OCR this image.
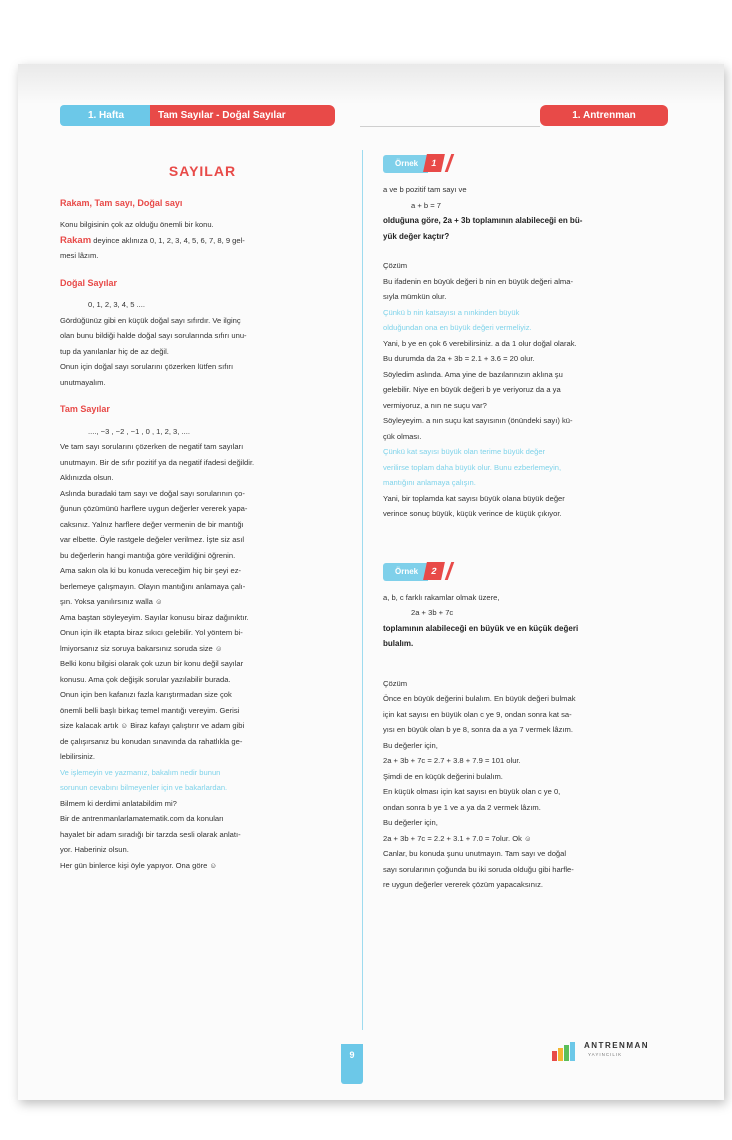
1. Hafta	Tam Sayılar - Doğal Sayılar	1. Antrenman
SAYILAR
Rakam, Tam sayı, Doğal sayı

Konu bilgisinin çok az olduğu önemli bir konu.

Rakam deyince aklınıza 0, 1, 2, 3, 4, 5, 6, 7, 8, 9 gel-

mesi lâzım.

Doğal Sayılar

0, 1, 2, 3, 4, 5 ....

Gördüğünüz gibi en küçük doğal sayı sıfırdır. Ve ilginç

olan bunu bildiği halde doğal sayı sorularında sıfırı unu-

tup da yanılanlar hiç de az değil.

Onun için doğal sayı sorularını çözerken lütfen sıfırı

unutmayalım.

Tam Sayılar

...., −3 , −2 , −1 , 0 , 1, 2, 3, ....

Ve tam sayı sorularını çözerken de negatif tam sayıları

unutmayın. Bir de sıfır pozitif ya da negatif ifadesi değildir.

Aklınızda olsun.

Aslında buradaki tam sayı ve doğal sayı sorularının ço-

ğunun çözümünü harflere uygun değerler vererek yapa-

caksınız. Yalnız harflere değer vermenin de bir mantığı

var elbette. Öyle rastgele değeler verilmez. İşte siz asıl

bu değerlerin hangi mantığa göre verildiğini öğrenin.

Ama sakın ola ki bu konuda vereceğim hiç bir şeyi ez-

berlemeye çalışmayın. Olayın mantığını anlamaya çalı-

şın. Yoksa yanılırsınız walla ☺

Ama baştan söyleyeyim. Sayılar konusu biraz dağınıktır.

Onun için ilk etapta biraz sıkıcı gelebilir. Yol yöntem bi-

lmiyorsanız siz soruya bakarsınız soruda size ☺

Belki konu bilgisi olarak çok uzun bir konu değil sayılar

konusu. Ama çok değişik sorular yazılabilir burada.

Onun için ben kafanızı fazla karıştırmadan size çok

önemli belli başlı birkaç temel mantığı vereyim. Gerisi

size kalacak artık ☺ Biraz kafayı çalıştırır ve adam gibi

de çalışırsanız bu konudan sınavında da rahatlıkla ge-

lebilirsiniz.

Ve işlemeyin ve yazmanız, bakalım nedir bunun

sorunun cevabını bilmeyenler için ve bakarlardan.

Bilmem ki derdimi anlatabildim mi?

Bir de antrenmanlarlamatematik.com da konuları

hayalet bir adam sıradığı bir tarzda sesli olarak anlatı-

yor. Haberiniz olsun.

Her gün binlerce kişi öyle yapıyor. Ona göre ☺

Örnek 1

a ve b pozitif tam sayı ve

a + b = 7

olduğuna göre, 2a + 3b toplamının alabileceği en bü-

yük değer kaçtır?

Çözüm

Bu ifadenin en büyük değeri b nin en büyük değeri alma-

sıyla mümkün olur.

Çünkü b nin katsayısı a nınkinden büyük

olduğundan ona en büyük değeri vermeliyiz.

Yani, b ye en çok 6 verebilirsiniz. a da 1 olur doğal olarak.

Bu durumda da 2a + 3b = 2.1 + 3.6 = 20 olur.

Söyledim aslında. Ama yine de bazılarınızın aklına şu

gelebilir. Niye en büyük değeri b ye veriyoruz da a ya

vermiyoruz, a nın ne suçu var?

Söyleyeyim. a nın suçu kat sayısının (önündeki sayı) kü-

çük olması.

Çünkü kat sayısı büyük olan terime büyük değer

verilirse toplam daha büyük olur. Bunu ezberlemeyin,

mantığını anlamaya çalışın.

Yani, bir toplamda kat sayısı büyük olana büyük değer

verince sonuç büyük, küçük verince de küçük çıkıyor.

Örnek 2

a, b, c farklı rakamlar olmak üzere,

2a + 3b + 7c

toplamının alabileceği en büyük ve en küçük değeri

bulalım.

Çözüm

Önce en büyük değerini bulalım. En büyük değeri bulmak

için kat sayısı en büyük olan c ye 9, ondan sonra kat sa-

yısı en büyük olan b ye 8, sonra da a ya 7 vermek lâzım.

Bu değerler için,

2a + 3b + 7c = 2.7 + 3.8 + 7.9 = 101 olur.

Şimdi de en küçük değerini bulalım.

En küçük olması için kat sayısı en büyük olan c ye 0,

ondan sonra b ye 1 ve a ya da 2 vermek lâzım.

Bu değerler için,

2a + 3b + 7c = 2.2 + 3.1 + 7.0 = 7olur. Ok ☺

Canlar, bu konuda şunu unutmayın. Tam sayı ve doğal

sayı sorularının çoğunda bu iki soruda olduğu gibi harfle-

re uygun değerler vererek çözüm yapacaksınız.

9
ANTRENMAN
YAYINCILIK
